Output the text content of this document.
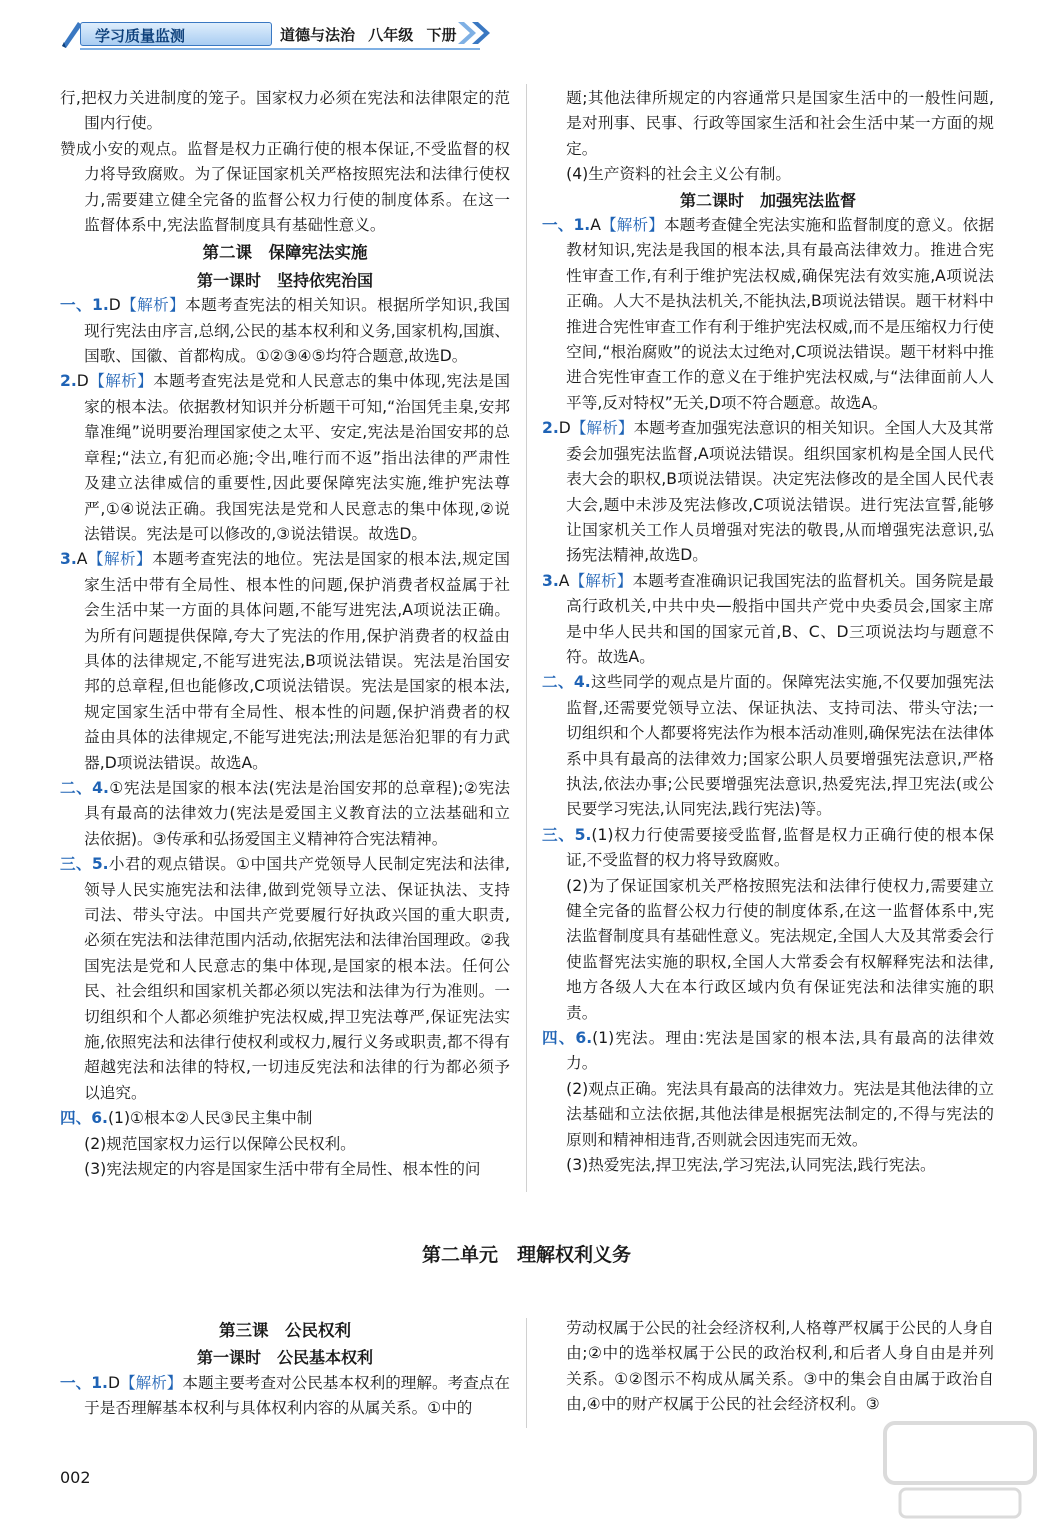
学习质量监测	道德与法治 八年级 下册

行,把权力关进制度的笼子。国家权力必须在宪法和法律限定的范围内行使。

赞成小安的观点。监督是权力正确行使的根本保证,不受监督的权力将导致腐败。为了保证国家机关严格按照宪法和法律行使权力,需要建立健全完备的监督公权力行使的制度体系。在这一监督体系中,宪法监督制度具有基础性意义。

第二课　保障宪法实施

第一课时　坚持依宪治国

一、1.D【解析】本题考查宪法的相关知识。根据所学知识,我国现行宪法由序言,总纲,公民的基本权利和义务,国家机构,国旗、国歌、国徽、首都构成。①②③④⑤均符合题意,故选D。

2.D【解析】本题考查宪法是党和人民意志的集中体现,宪法是国家的根本法。依据教材知识并分析题干可知,“治国凭圭臬,安邦靠准绳”说明要治理国家使之太平、安定,宪法是治国安邦的总章程;“法立,有犯而必施;令出,唯行而不返”指出法律的严肃性及建立法律威信的重要性,因此要保障宪法实施,维护宪法尊严,①④说法正确。我国宪法是党和人民意志的集中体现,②说法错误。宪法是可以修改的,③说法错误。故选D。

3.A【解析】本题考查宪法的地位。宪法是国家的根本法,规定国家生活中带有全局性、根本性的问题,保护消费者权益属于社会生活中某一方面的具体问题,不能写进宪法,A项说法正确。为所有问题提供保障,夸大了宪法的作用,保护消费者的权益由具体的法律规定,不能写进宪法,B项说法错误。宪法是治国安邦的总章程,但也能修改,C项说法错误。宪法是国家的根本法,规定国家生活中带有全局性、根本性的问题,保护消费者的权益由具体的法律规定,不能写进宪法;刑法是惩治犯罪的有力武器,D项说法错误。故选A。

二、4.①宪法是国家的根本法(宪法是治国安邦的总章程);②宪法具有最高的法律效力(宪法是爱国主义教育法的立法基础和立法依据)。③传承和弘扬爱国主义精神符合宪法精神。

三、5.小君的观点错误。①中国共产党领导人民制定宪法和法律,领导人民实施宪法和法律,做到党领导立法、保证执法、支持司法、带头守法。中国共产党要履行好执政兴国的重大职责,必须在宪法和法律范围内活动,依据宪法和法律治国理政。②我国宪法是党和人民意志的集中体现,是国家的根本法。任何公民、社会组织和国家机关都必须以宪法和法律为行为准则。一切组织和个人都必须维护宪法权威,捍卫宪法尊严,保证宪法实施,依照宪法和法律行使权利或权力,履行义务或职责,都不得有超越宪法和法律的特权,一切违反宪法和法律的行为都必须予以追究。

四、6.(1)①根本②人民③民主集中制

(2)规范国家权力运行以保障公民权利。

(3)宪法规定的内容是国家生活中带有全局性、根本性的问

题;其他法律所规定的内容通常只是国家生活中的一般性问题,是对刑事、民事、行政等国家生活和社会生活中某一方面的规定。

(4)生产资料的社会主义公有制。

第二课时　加强宪法监督

一、1.A【解析】本题考查健全宪法实施和监督制度的意义。依据教材知识,宪法是我国的根本法,具有最高法律效力。推进合宪性审查工作,有利于维护宪法权威,确保宪法有效实施,A项说法正确。人大不是执法机关,不能执法,B项说法错误。题干材料中推进合宪性审查工作有利于维护宪法权威,而不是压缩权力行使空间,“根治腐败”的说法太过绝对,C项说法错误。题干材料中推进合宪性审查工作的意义在于维护宪法权威,与“法律面前人人平等,反对特权”无关,D项不符合题意。故选A。

2.D【解析】本题考查加强宪法意识的相关知识。全国人大及其常委会加强宪法监督,A项说法错误。组织国家机构是全国人民代表大会的职权,B项说法错误。决定宪法修改的是全国人民代表大会,题中未涉及宪法修改,C项说法错误。进行宪法宣誓,能够让国家机关工作人员增强对宪法的敬畏,从而增强宪法意识,弘扬宪法精神,故选D。

3.A【解析】本题考查准确识记我国宪法的监督机关。国务院是最高行政机关,中共中央—般指中国共产党中央委员会,国家主席是中华人民共和国的国家元首,B、C、D三项说法均与题意不符。故选A。

二、4.这些同学的观点是片面的。保障宪法实施,不仅要加强宪法监督,还需要党领导立法、保证执法、支持司法、带头守法;一切组织和个人都要将宪法作为根本活动准则,确保宪法在法律体系中具有最高的法律效力;国家公职人员要增强宪法意识,严格执法,依法办事;公民要增强宪法意识,热爱宪法,捍卫宪法(或公民要学习宪法,认同宪法,践行宪法)等。

三、5.(1)权力行使需要接受监督,监督是权力正确行使的根本保证,不受监督的权力将导致腐败。

(2)为了保证国家机关严格按照宪法和法律行使权力,需要建立健全完备的监督公权力行使的制度体系,在这一监督体系中,宪法监督制度具有基础性意义。宪法规定,全国人大及其常委会行使监督宪法实施的职权,全国人大常委会有权解释宪法和法律,地方各级人大在本行政区域内负有保证宪法和法律实施的职责。

四、6.(1)宪法。理由:宪法是国家的根本法,具有最高的法律效力。

(2)观点正确。宪法具有最高的法律效力。宪法是其他法律的立法基础和立法依据,其他法律是根据宪法制定的,不得与宪法的原则和精神相违背,否则就会因违宪而无效。

(3)热爱宪法,捍卫宪法,学习宪法,认同宪法,践行宪法。

第二单元　理解权利义务

第三课　公民权利

第一课时　公民基本权利

一、1.D【解析】本题主要考查对公民基本权利的理解。考查点在于是否理解基本权利与具体权利内容的从属关系。①中的

劳动权属于公民的社会经济权利,人格尊严权属于公民的人身自由;②中的选举权属于公民的政治权利,和后者人身自由是并列关系。①②图示不构成从属关系。③中的集会自由属于政治自由,④中的财产权属于公民的社会经济权利。③

002
